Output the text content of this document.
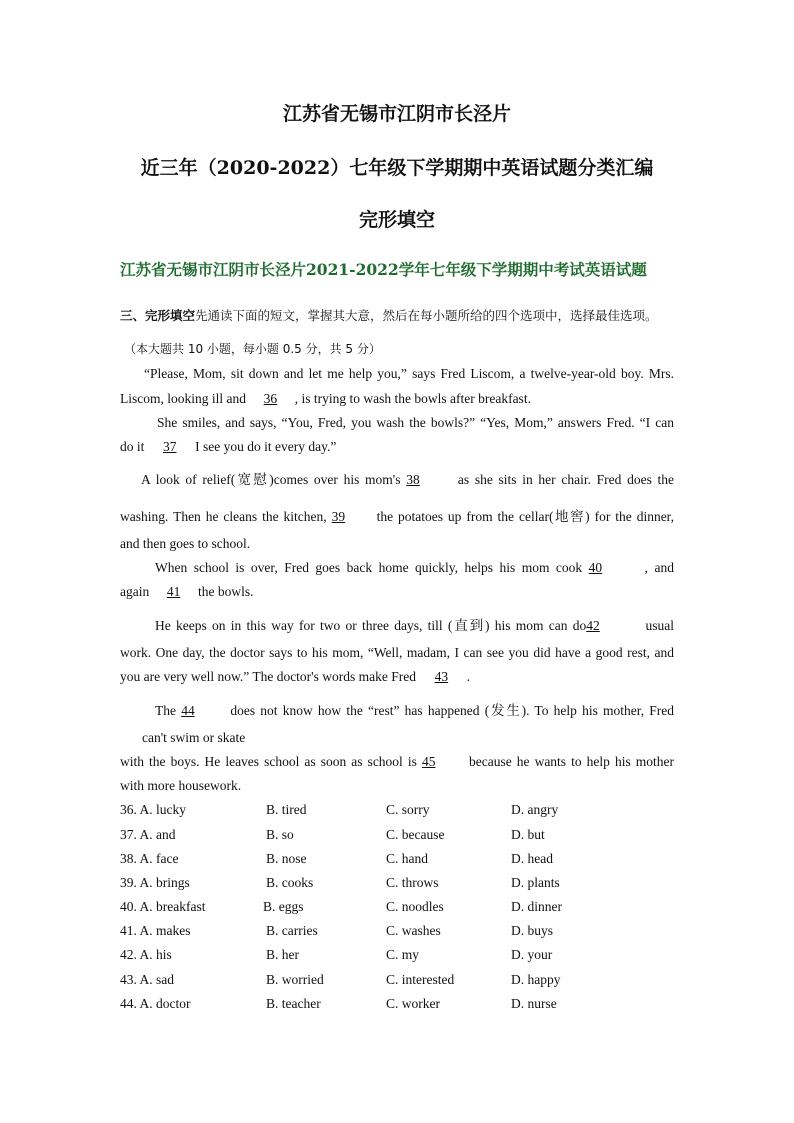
江苏省无锡市江阴市长泾片
近三年（2020-2022）七年级下学期期中英语试题分类汇编
完形填空
江苏省无锡市江阴市长泾片2021-2022学年七年级下学期期中考试英语试题
三、完形填空先通读下面的短文，掌握其大意，然后在每小题所给的四个选项中，选择最佳选项。
（本大题共 10 小题，每小题 0.5 分，共 5 分）
“Please, Mom, sit down and let me help you,” says Fred Liscom, a twelve-year-old boy. Mrs.
Liscom, looking ill and 36 , is trying to wash the bowls after breakfast.
She smiles, and says, “You, Fred, you wash the bowls?” “Yes, Mom,” answers Fred. “I can
do it 37 I see you do it every day.”
A look of relief(宽慰)comes over his mom's 38	as she sits in her chair. Fred does the
washing. Then he cleans the kitchen, 39 the potatoes up from the cellar(地窖) for the dinner,
and then goes to school.
When school is over, Fred goes back home quickly, helps his mom cook 40	, and
again 41 the bowls.
He keeps on in this way for two or three days, till (直到) his mom can do42	usual
work. One day, the doctor says to his mom, “Well, madam, I can see you did have a good rest, and
you are very well now.” The doctor's words make Fred 43 .
The 44	does not know how the “rest” has happened (发生). To help his mother, Fred
can't swim or skate
with the boys. He leaves school as soon as school is 45 because he wants to help his mother
with more housework.
36. A. lucky	B. tired	C. sorry	D. angry
37. A. and	B. so	C. because	D. but
38. A. face	B. nose	C. hand	D. head
39. A. brings	B. cooks	C. throws	D. plants
40. A. breakfast	B. eggs	C. noodles	D. dinner
41. A. makes	B. carries	C. washes	D. buys
42. A. his	B. her	C. my	D. your
43. A. sad	B. worried	C. interested	D. happy
44. A. doctor	B. teacher	C. worker	D. nurse
